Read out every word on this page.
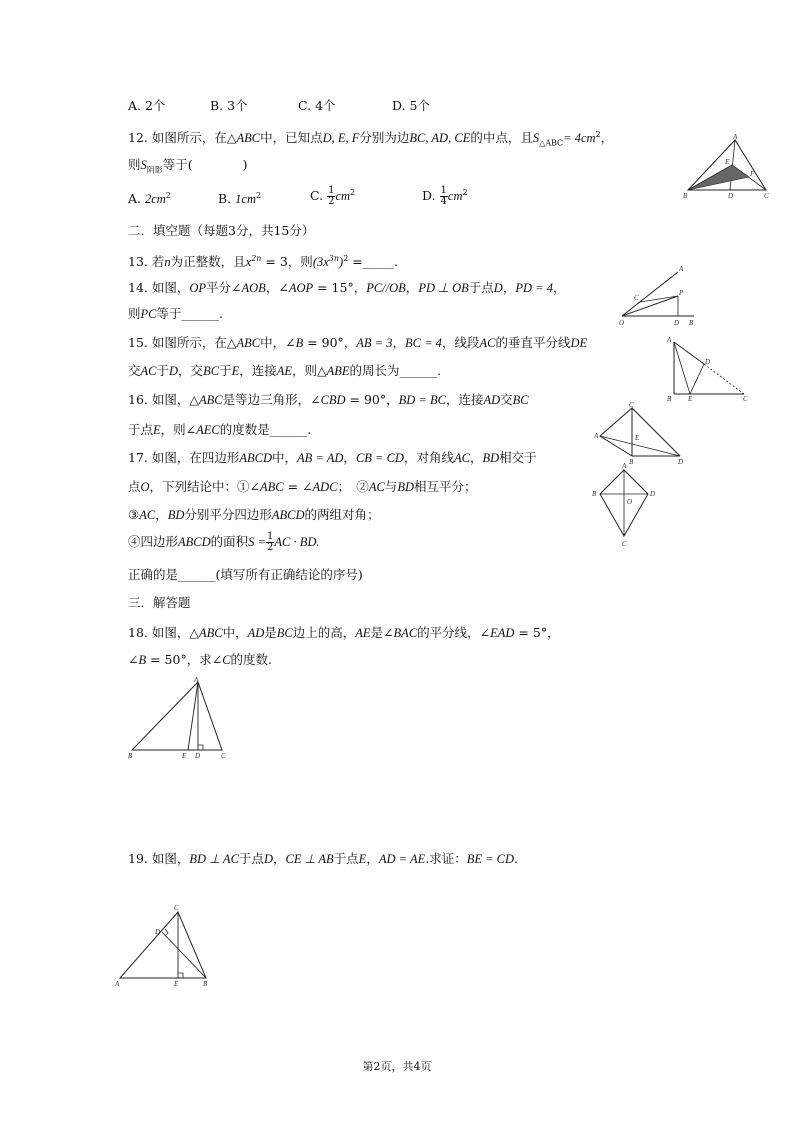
A. 2个	B. 3个	C. 4个	D. 5个
12. 如图所示，在△ABC中，已知点D, E, F分别为边BC, AD, CE的中点，且$S_{\triangle ABC}= 4cm^2$，
则$S_{阴影}$等于(　　　　)
A. $2cm^2$	B. $1cm^2$	C. $\frac{1}{2} cm^2$	D. $\frac{1}{4} cm^2$
A
B	D	C
E
F
二．填空题（每题3分，共15分）
13. 若n为正整数，且$x^{2n} = 3$，则$(3x^{3n})^2$ =_____.
14. 如图，OP平分∠AOB，∠AOP = 15°，PC//OB，PD ⊥ OB于点D，PD = 4，
则PC等于______.
A
C
P
O	D B
15. 如图所示，在△ABC中，∠B = 90°，AB = 3，BC = 4，线段AC的垂直平分线DE
交AC于D，交BC于E，连接AE，则△ABE的周长为______.
A
D
B E	C
16. 如图，△ABC是等边三角形，∠CBD = 90°，BD = BC，连接AD交BC
于点E，则∠AEC的度数是______.	A
C
B	D
E
17. 如图，在四边形ABCD中，AB = AD，CB = CD，对角线AC，BD相交于
点O，下列结论中：①∠ABC = ∠ADC；　②AC与BD相互平分；
③AC，BD分别平分四边形ABCD的两组对角；
④四边形ABCD的面积$S = \frac{1}{2}$ AC · BD.
正确的是______(填写所有正确结论的序号)
A
B	D
C
O
三．解答题
18. 如图，△ABC中，AD是BC边上的高，AE是∠BAC的平分线，∠EAD = 5°，
∠B = 50°，求∠C的度数.
A
B	E D	C
19. 如图，BD ⊥ AC于点D，CE ⊥ AB于点E，AD = AE.求证：BE = CD.
C
D
A	E	B
第2页，共4页
